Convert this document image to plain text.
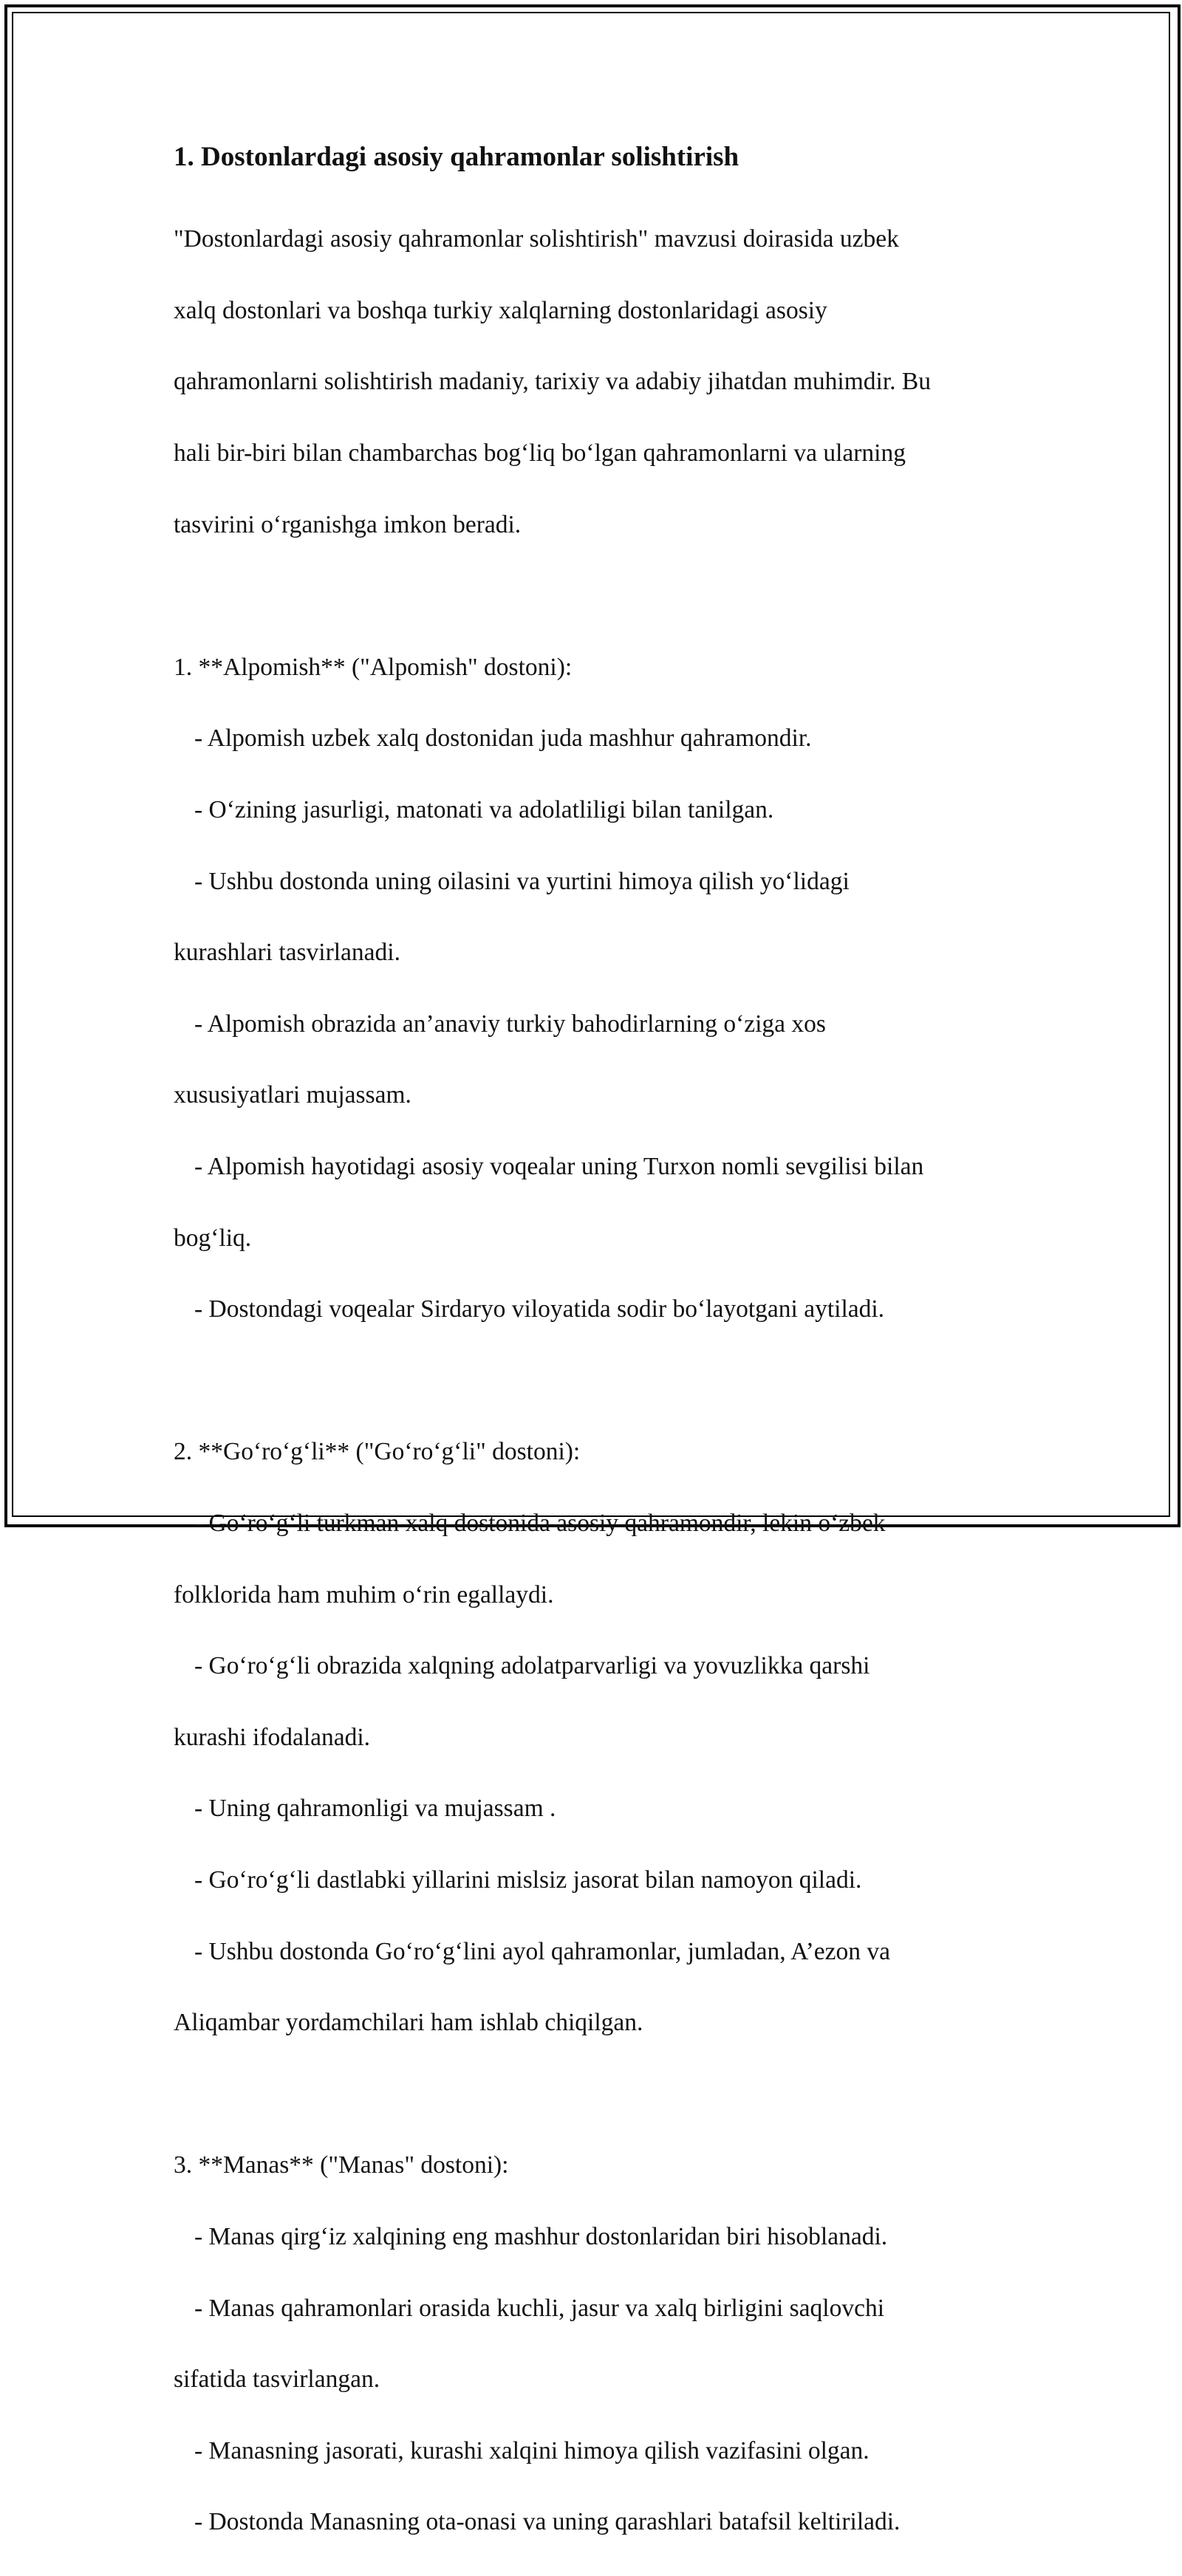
1. Dostonlardagi asosiy qahramonlar solishtirish

"Dostonlardagi asosiy qahramonlar solishtirish" mavzusi doirasida uzbek

xalq dostonlari va boshqa turkiy xalqlarning dostonlaridagi asosiy

qahramonlarni solishtirish madaniy, tarixiy va adabiy jihatdan muhimdir. Bu

hali bir-biri bilan chambarchas bog‘liq bo‘lgan qahramonlarni va ularning

tasvirini o‘rganishga imkon beradi.

1. **Alpomish** ("Alpomish" dostoni):

- Alpomish uzbek xalq dostonidan juda mashhur qahramondir.

- O‘zining jasurligi, matonati va adolatliligi bilan tanilgan.

- Ushbu dostonda uning oilasini va yurtini himoya qilish yo‘lidagi

kurashlari tasvirlanadi.

- Alpomish obrazida an’anaviy turkiy bahodirlarning o‘ziga xos

xususiyatlari mujassam.

- Alpomish hayotidagi asosiy voqealar uning Turxon nomli sevgilisi bilan

bog‘liq.

- Dostondagi voqealar Sirdaryo viloyatida sodir bo‘layotgani aytiladi.

2. **Go‘ro‘g‘li** ("Go‘ro‘g‘li" dostoni):

- Go‘ro‘g‘li turkman xalq dostonida asosiy qahramondir, lekin o‘zbek

folklorida ham muhim o‘rin egallaydi.

- Go‘ro‘g‘li obrazida xalqning adolatparvarligi va yovuzlikka qarshi

kurashi ifodalanadi.

- Uning qahramonligi va mujassam .

- Go‘ro‘g‘li dastlabki yillarini mislsiz jasorat bilan namoyon qiladi.

- Ushbu dostonda Go‘ro‘g‘lini ayol qahramonlar, jumladan, A’ezon va

Aliqambar yordamchilari ham ishlab chiqilgan.

3. **Manas** ("Manas" dostoni):

- Manas qirg‘iz xalqining eng mashhur dostonlaridan biri hisoblanadi.

- Manas qahramonlari orasida kuchli, jasur va xalq birligini saqlovchi

sifatida tasvirlangan.

- Manasning jasorati, kurashi xalqini himoya qilish vazifasini olgan.

- Dostonda Manasning ota-onasi va uning qarashlari batafsil keltiriladi.
